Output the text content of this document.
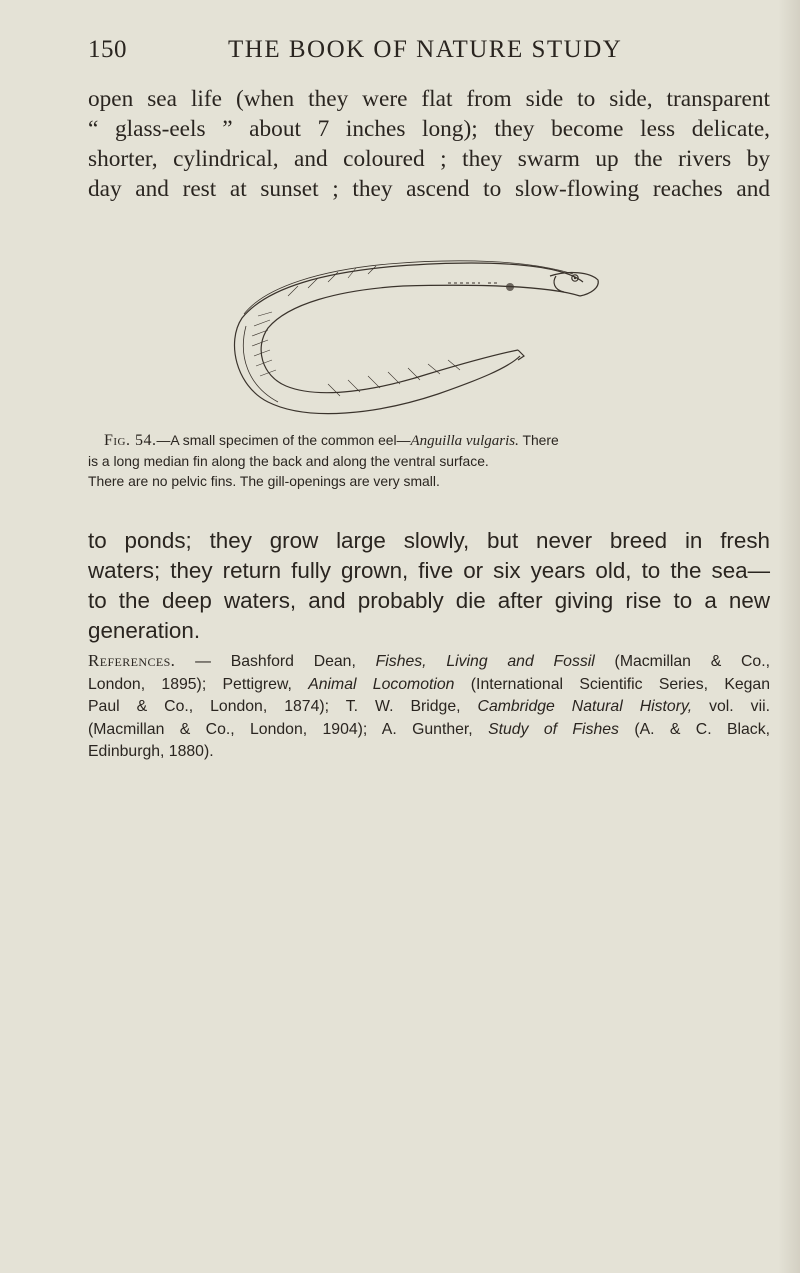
150	THE BOOK OF NATURE STUDY
open sea life (when they were flat from side to side, transparent
“ glass-eels ” about 7 inches long); they become less delicate,
shorter, cylindrical, and coloured ; they swarm up the rivers by
day and rest at sunset ; they ascend to slow-flowing reaches and
Fig. 54.—A small specimen of the common eel—Anguilla vulgaris. There
is a long median fin along the back and along the ventral surface.
There are no pelvic fins. The gill-openings are very small.
to ponds; they grow large slowly, but never breed in fresh
waters; they return fully grown, five or six years old, to the sea—
to the deep waters, and probably die after giving rise to a new
generation.
References. — Bashford Dean, Fishes, Living and Fossil (Macmillan & Co.,
London, 1895); Pettigrew, Animal Locomotion (International Scientific Series, Kegan
Paul & Co., London, 1874); T. W. Bridge, Cambridge Natural History, vol. vii.
(Macmillan & Co., London, 1904); A. Gunther, Study of Fishes (A. & C. Black,
Edinburgh, 1880).
